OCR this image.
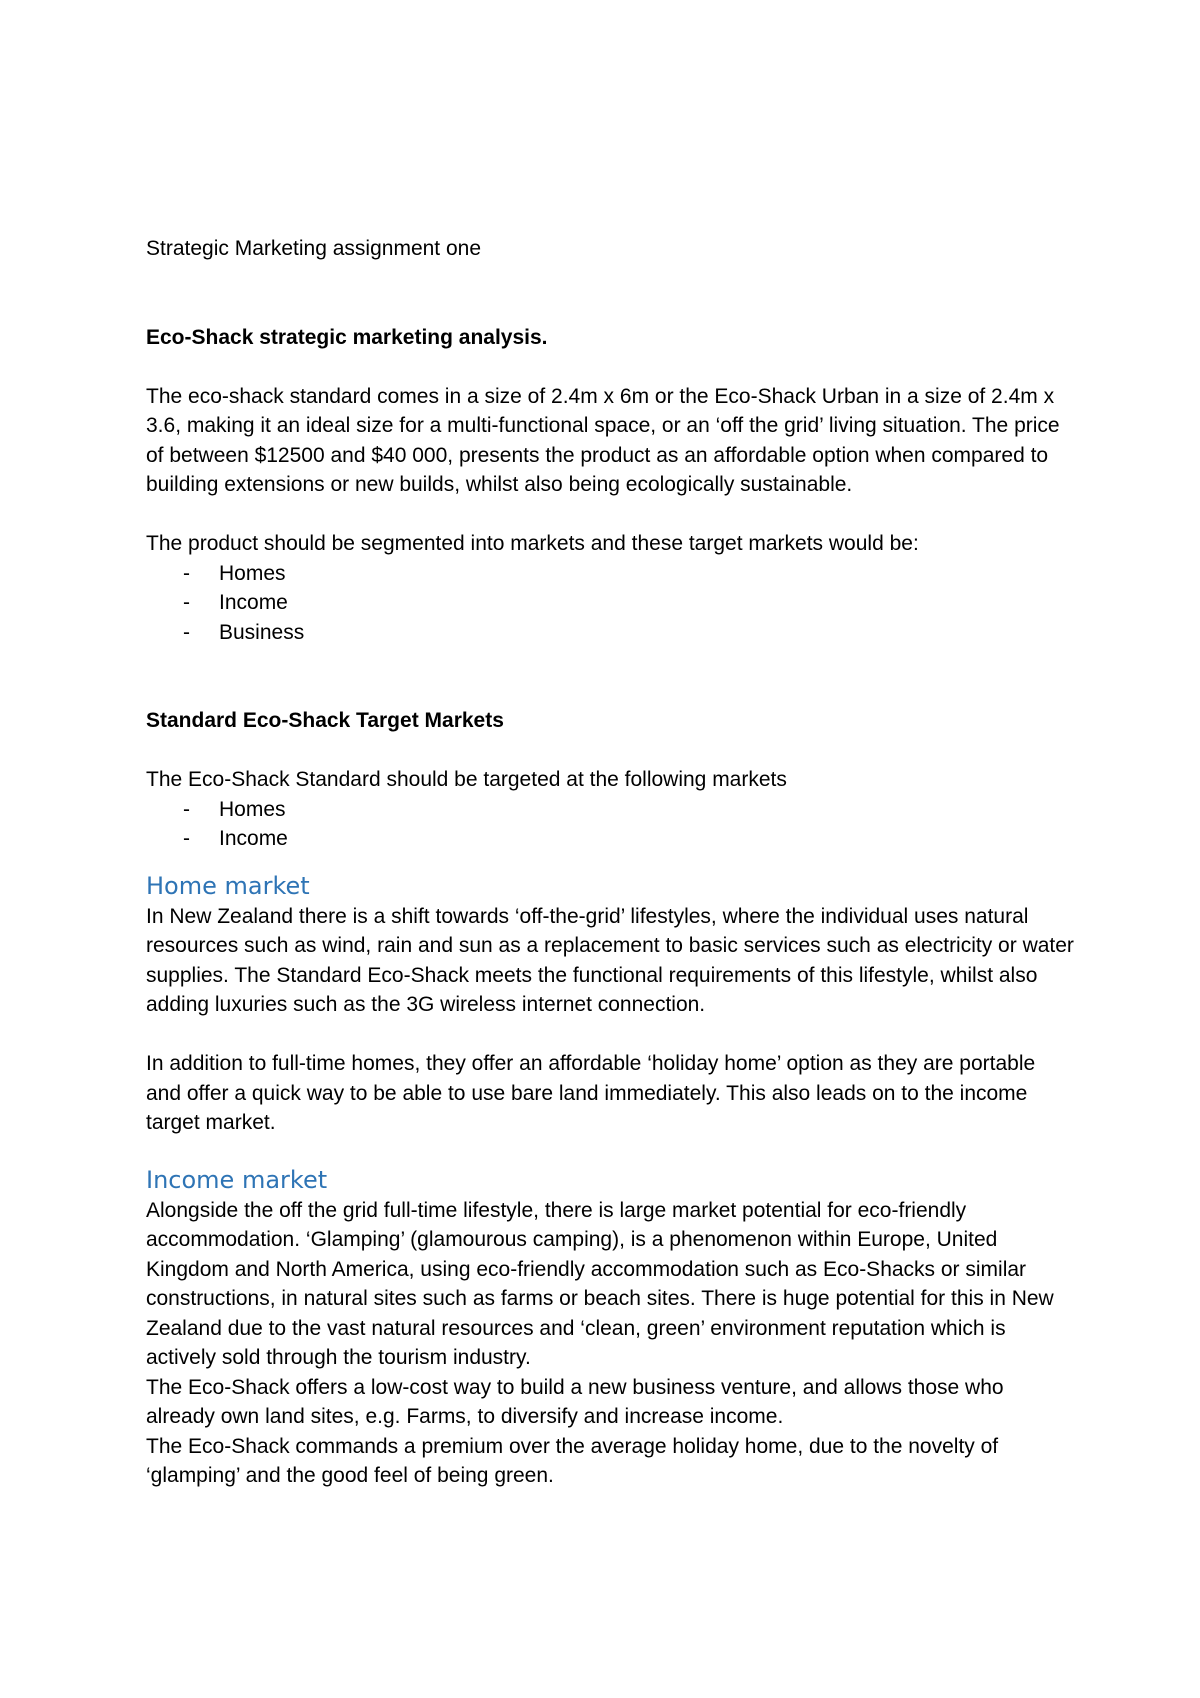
Strategic Marketing assignment one

Eco-Shack strategic marketing analysis.

The eco-shack standard comes in a size of 2.4m x 6m or the Eco-Shack Urban in a size of 2.4m x 3.6, making it an ideal size for a multi-functional space, or an ‘off the grid’ living situation. The price of between $12500 and $40 000, presents the product as an affordable option when compared to building extensions or new builds, whilst also being ecologically sustainable.

The product should be segmented into markets and these target markets would be:

- Homes
- Income
- Business

Standard Eco-Shack Target Markets

The Eco-Shack Standard should be targeted at the following markets

- Homes
- Income
Home market

In New Zealand there is a shift towards ‘off-the-grid’ lifestyles, where the individual uses natural resources such as wind, rain and sun as a replacement to basic services such as electricity or water supplies. The Standard Eco-Shack meets the functional requirements of this lifestyle, whilst also adding luxuries such as the 3G wireless internet connection.

In addition to full-time homes, they offer an affordable ‘holiday home’ option as they are portable and offer a quick way to be able to use bare land immediately. This also leads on to the income target market.

Income market

Alongside the off the grid full-time lifestyle, there is large market potential for eco-friendly accommodation. ‘Glamping’ (glamourous camping), is a phenomenon within Europe, United Kingdom and North America, using eco-friendly accommodation such as Eco-Shacks or similar constructions, in natural sites such as farms or beach sites. There is huge potential for this in New Zealand due to the vast natural resources and ‘clean, green’ environment reputation which is actively sold through the tourism industry.

The Eco-Shack offers a low-cost way to build a new business venture, and allows those who already own land sites, e.g. Farms, to diversify and increase income.

The Eco-Shack commands a premium over the average holiday home, due to the novelty of ‘glamping’ and the good feel of being green.
